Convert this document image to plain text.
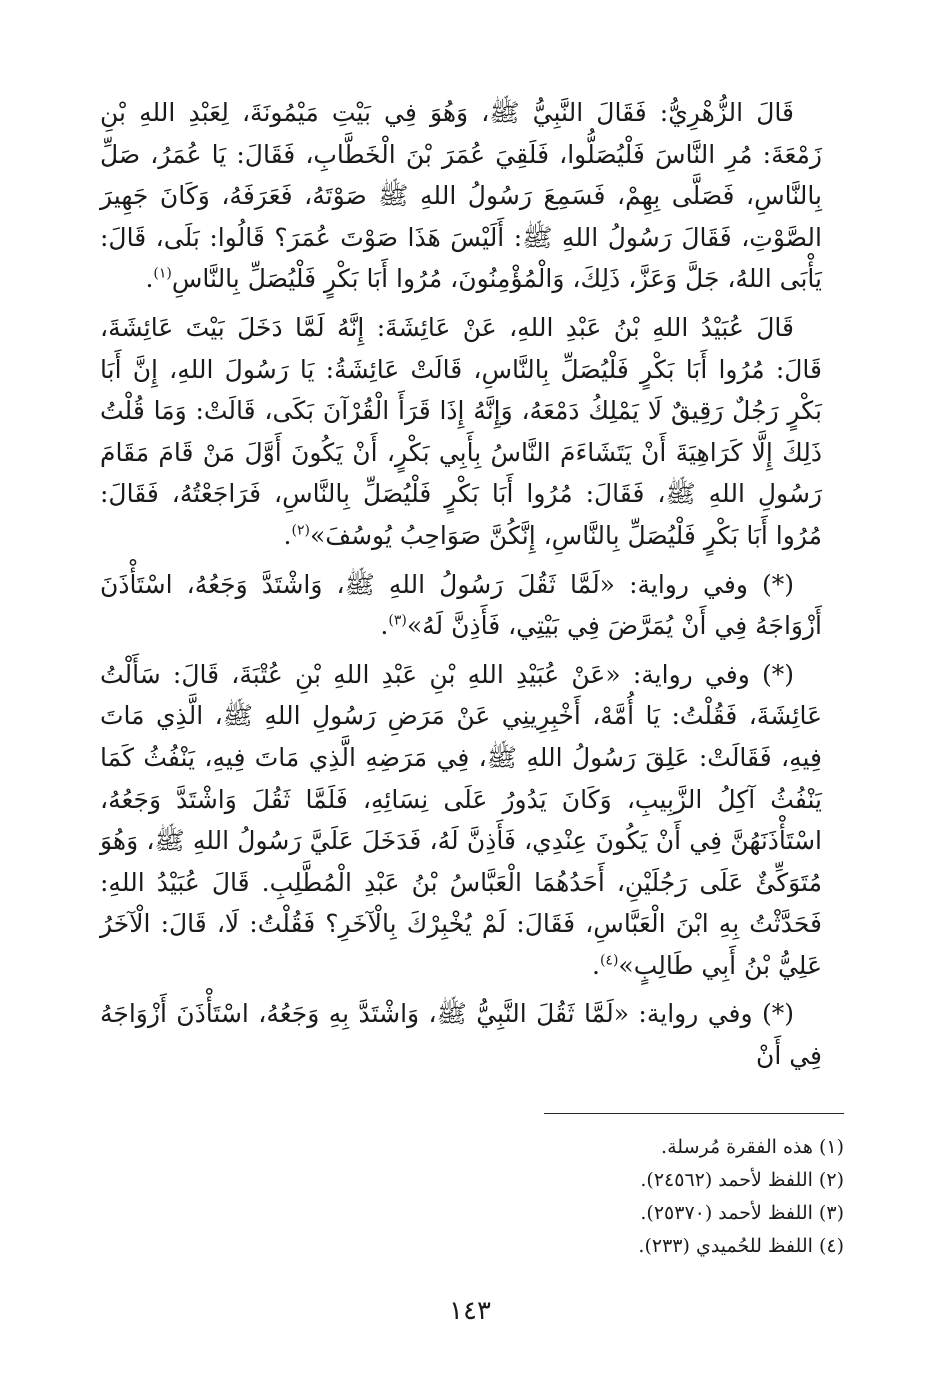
قَالَ الزُّهْرِيُّ: فَقَالَ النَّبِيُّ ﷺ، وَهُوَ فِي بَيْتِ مَيْمُونَةَ، لِعَبْدِ اللهِ بْنِ زَمْعَةَ: مُرِ النَّاسَ فَلْيُصَلُّوا، فَلَقِيَ عُمَرَ بْنَ الْخَطَّابِ، فَقَالَ: يَا عُمَرُ، صَلِّ بِالنَّاسِ، فَصَلَّى بِهِمْ، فَسَمِعَ رَسُولُ اللهِ ﷺ صَوْتَهُ، فَعَرَفَهُ، وَكَانَ جَهِيرَ الصَّوْتِ، فَقَالَ رَسُولُ اللهِ ﷺ: أَلَيْسَ هَذَا صَوْتَ عُمَرَ؟ قَالُوا: بَلَى، قَالَ: يَأْبَى اللهُ، جَلَّ وَعَزَّ، ذَلِكَ، وَالْمُؤْمِنُونَ، مُرُوا أَبَا بَكْرٍ فَلْيُصَلِّ بِالنَّاسِ$^{(١)}$.

قَالَ عُبَيْدُ اللهِ بْنُ عَبْدِ اللهِ، عَنْ عَائِشَةَ: إِنَّهُ لَمَّا دَخَلَ بَيْتَ عَائِشَةَ، قَالَ: مُرُوا أَبَا بَكْرٍ فَلْيُصَلِّ بِالنَّاسِ، قَالَتْ عَائِشَةُ: يَا رَسُولَ اللهِ، إِنَّ أَبَا بَكْرٍ رَجُلٌ رَقِيقٌ لَا يَمْلِكُ دَمْعَهُ، وَإِنَّهُ إِذَا قَرَأَ الْقُرْآنَ بَكَى، قَالَتْ: وَمَا قُلْتُ ذَلِكَ إِلَّا كَرَاهِيَةَ أَنْ يَتَشَاءَمَ النَّاسُ بِأَبِي بَكْرٍ، أَنْ يَكُونَ أَوَّلَ مَنْ قَامَ مَقَامَ رَسُولِ اللهِ ﷺ، فَقَالَ: مُرُوا أَبَا بَكْرٍ فَلْيُصَلِّ بِالنَّاسِ، فَرَاجَعْتُهُ، فَقَالَ: مُرُوا أَبَا بَكْرٍ فَلْيُصَلِّ بِالنَّاسِ، إِنَّكُنَّ صَوَاحِبُ يُوسُفَ»$^{(٢)}$.

(*) وفي رواية: «لَمَّا ثَقُلَ رَسُولُ اللهِ ﷺ، وَاشْتَدَّ وَجَعُهُ، اسْتَأْذَنَ أَزْوَاجَهُ فِي أَنْ يُمَرَّضَ فِي بَيْتِي، فَأَذِنَّ لَهُ»$^{(٣)}$.

(*) وفي رواية: «عَنْ عُبَيْدِ اللهِ بْنِ عَبْدِ اللهِ بْنِ عُتْبَةَ، قَالَ: سَأَلْتُ عَائِشَةَ، فَقُلْتُ: يَا أُمَّهْ، أَخْبِرِينِي عَنْ مَرَضِ رَسُولِ اللهِ ﷺ، الَّذِي مَاتَ فِيهِ، فَقَالَتْ: عَلِقَ رَسُولُ اللهِ ﷺ، فِي مَرَضِهِ الَّذِي مَاتَ فِيهِ، يَنْفُثُ كَمَا يَنْفُثُ آكِلُ الزَّبِيبِ، وَكَانَ يَدُورُ عَلَى نِسَائِهِ، فَلَمَّا ثَقُلَ وَاشْتَدَّ وَجَعُهُ، اسْتَأْذَنَهُنَّ فِي أَنْ يَكُونَ عِنْدِي، فَأَذِنَّ لَهُ، فَدَخَلَ عَلَيَّ رَسُولُ اللهِ ﷺ، وَهُوَ مُتَوَكِّئٌ عَلَى رَجُلَيْنِ، أَحَدُهُمَا الْعَبَّاسُ بْنُ عَبْدِ الْمُطَّلِبِ. قَالَ عُبَيْدُ اللهِ: فَحَدَّثْتُ بِهِ ابْنَ الْعَبَّاسِ، فَقَالَ: لَمْ يُخْبِرْكَ بِالْآخَرِ؟ فَقُلْتُ: لَا، قَالَ: الْآخَرُ عَلِيُّ بْنُ أَبِي طَالِبٍ»$^{(٤)}$.

(*) وفي رواية: «لَمَّا ثَقُلَ النَّبِيُّ ﷺ، وَاشْتَدَّ بِهِ وَجَعُهُ، اسْتَأْذَنَ أَزْوَاجَهُ فِي أَنْ

(١) هذه الفقرة مُرسلة.
(٢) اللفظ لأحمد (٢٤٥٦٢).
(٣) اللفظ لأحمد (٢٥٣٧٠).
(٤) اللفظ للحُميدي (٢٣٣).
١٤٣
